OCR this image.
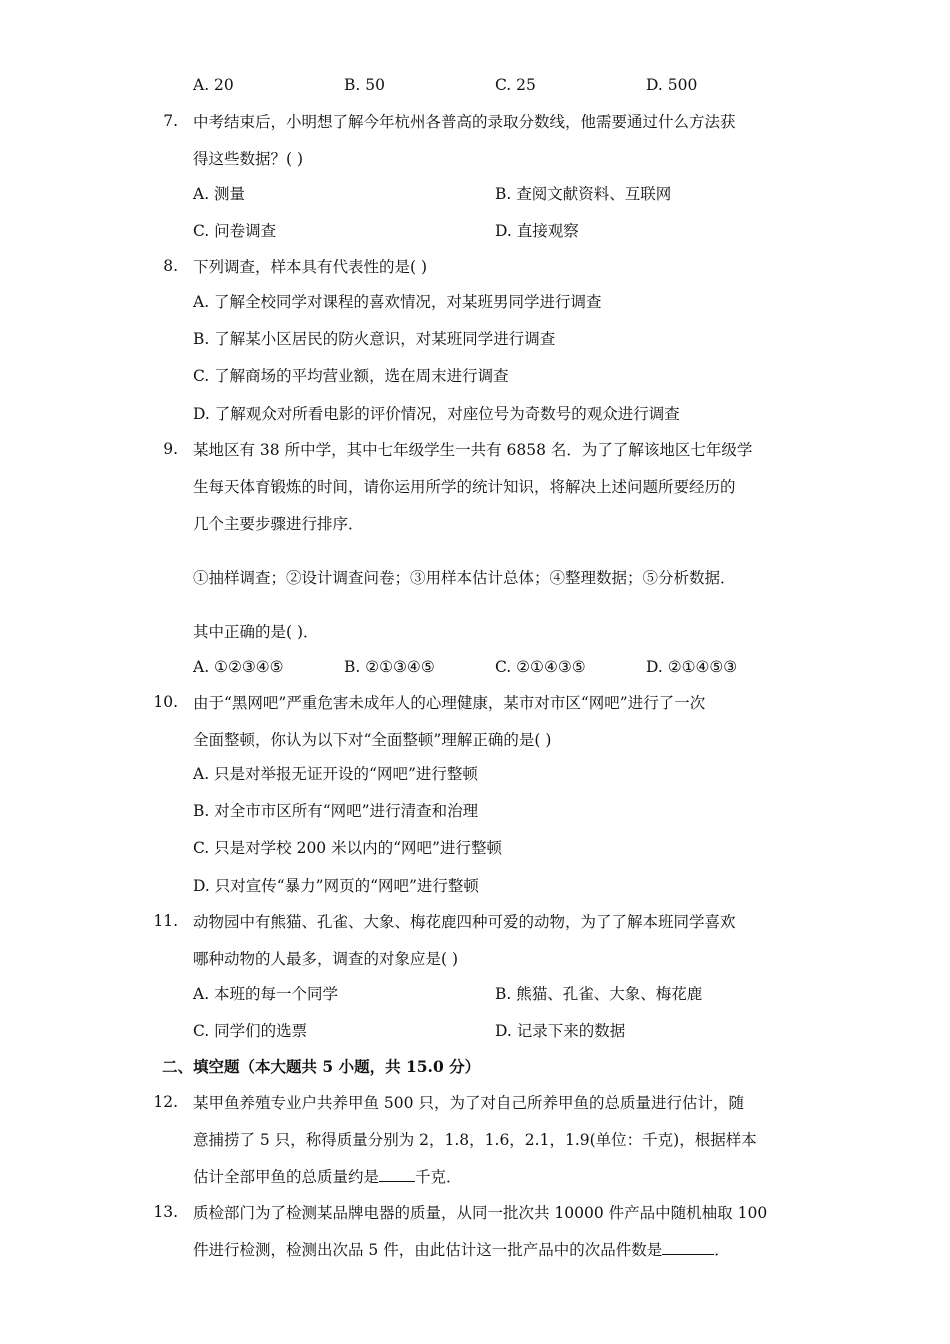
A. 20	B. 50	C. 25	D. 500
7. 中考结束后，小明想了解今年杭州各普高的录取分数线，他需要通过什么方法获
得这些数据？( )
A. 测量	B. 查阅文献资料、互联网
C. 问卷调查	D. 直接观察
8. 下列调查，样本具有代表性的是( )
A. 了解全校同学对课程的喜欢情况，对某班男同学进行调查
B. 了解某小区居民的防火意识，对某班同学进行调查
C. 了解商场的平均营业额，选在周末进行调查
D. 了解观众对所看电影的评价情况，对座位号为奇数号的观众进行调查
9. 某地区有 38 所中学，其中七年级学生一共有 6858 名．为了了解该地区七年级学
生每天体育锻炼的时间，请你运用所学的统计知识，将解决上述问题所要经历的
几个主要步骤进行排序．
①抽样调查；②设计调查问卷；③用样本估计总体；④整理数据；⑤分析数据．
其中正确的是( )．
A. ①②③④⑤	B. ②①③④⑤	C. ②①④③⑤	D. ②①④⑤③
10. 由于“黑网吧”严重危害未成年人的心理健康，某市对市区“网吧”进行了一次
全面整顿，你认为以下对“全面整顿”理解正确的是( )
A. 只是对举报无证开设的“网吧”进行整顿
B. 对全市市区所有“网吧”进行清查和治理
C. 只是对学校 200 米以内的“网吧”进行整顿
D. 只对宣传“暴力”网页的“网吧”进行整顿
11. 动物园中有熊猫、孔雀、大象、梅花鹿四种可爱的动物，为了了解本班同学喜欢
哪种动物的人最多，调查的对象应是( )
A. 本班的每一个同学	B. 熊猫、孔雀、大象、梅花鹿
C. 同学们的选票	D. 记录下来的数据
二、填空题（本大题共 5 小题，共 15.0 分）
12. 某甲鱼养殖专业户共养甲鱼 500 只，为了对自己所养甲鱼的总质量进行估计，随
意捕捞了 5 只，称得质量分别为 2，1.8，1.6，2.1，1.9(单位：千克)，根据样本
估计全部甲鱼的总质量约是 千克．
13. 质检部门为了检测某品牌电器的质量，从同一批次共 10000 件产品中随机柚取 100
件进行检测，检测出次品 5 件，由此估计这一批产品中的次品件数是	．
